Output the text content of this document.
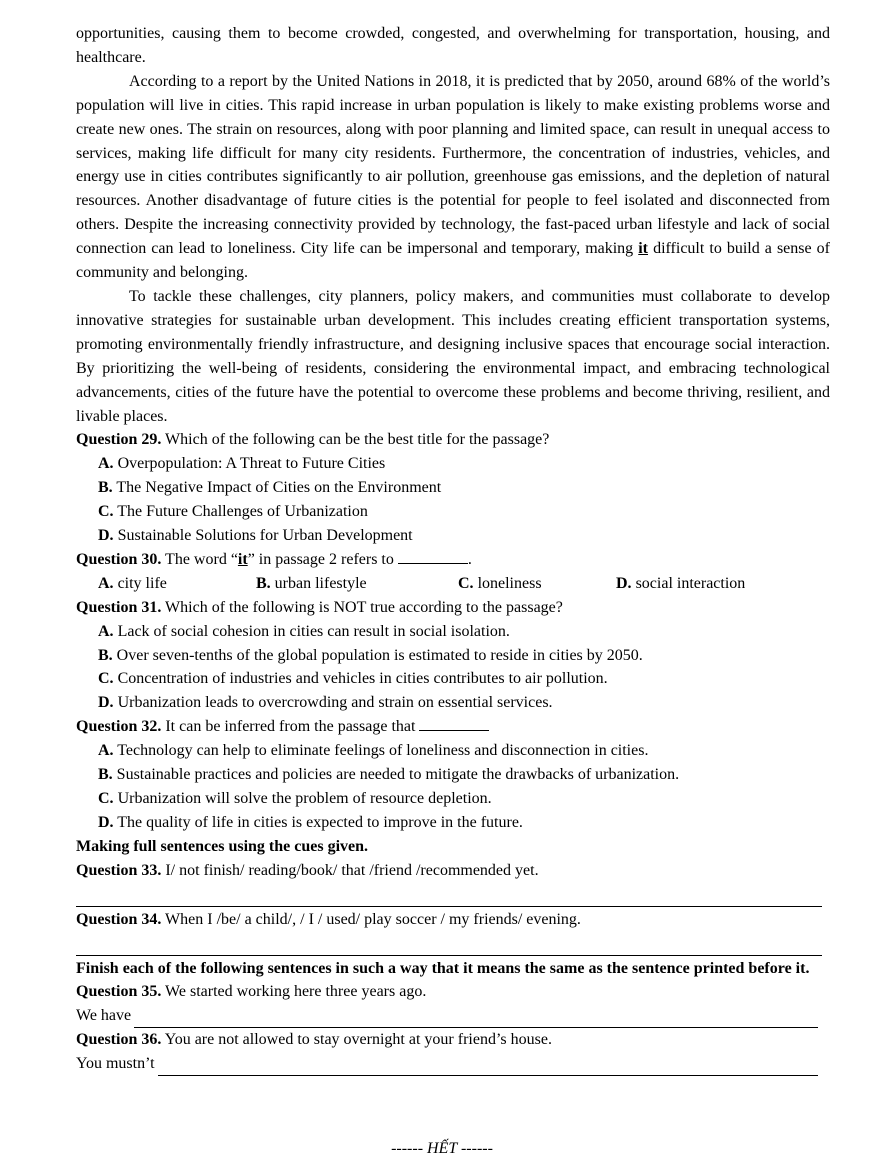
opportunities, causing them to become crowded, congested, and overwhelming for transportation, housing, and healthcare.

According to a report by the United Nations in 2018, it is predicted that by 2050, around 68% of the world’s population will live in cities. This rapid increase in urban population is likely to make existing problems worse and create new ones. The strain on resources, along with poor planning and limited space, can result in unequal access to services, making life difficult for many city residents. Furthermore, the concentration of industries, vehicles, and energy use in cities contributes significantly to air pollution, greenhouse gas emissions, and the depletion of natural resources. Another disadvantage of future cities is the potential for people to feel isolated and disconnected from others. Despite the increasing connectivity provided by technology, the fast-paced urban lifestyle and lack of social connection can lead to loneliness. City life can be impersonal and temporary, making it difficult to build a sense of community and belonging.

To tackle these challenges, city planners, policy makers, and communities must collaborate to develop innovative strategies for sustainable urban development. This includes creating efficient transportation systems, promoting environmentally friendly infrastructure, and designing inclusive spaces that encourage social interaction. By prioritizing the well-being of residents, considering the environmental impact, and embracing technological advancements, cities of the future have the potential to overcome these problems and become thriving, resilient, and livable places.

Question 29. Which of the following can be the best title for the passage?
A. Overpopulation: A Threat to Future Cities
B. The Negative Impact of Cities on the Environment
C. The Future Challenges of Urbanization
D. Sustainable Solutions for Urban Development
Question 30. The word “it” in passage 2 refers to	.
A. city life	B. urban lifestyle	C. loneliness	D. social interaction
Question 31. Which of the following is NOT true according to the passage?
A. Lack of social cohesion in cities can result in social isolation.
B. Over seven-tenths of the global population is estimated to reside in cities by 2050.
C. Concentration of industries and vehicles in cities contributes to air pollution.
D. Urbanization leads to overcrowding and strain on essential services.
Question 32. It can be inferred from the passage that
A. Technology can help to eliminate feelings of loneliness and disconnection in cities.
B. Sustainable practices and policies are needed to mitigate the drawbacks of urbanization.
C. Urbanization will solve the problem of resource depletion.
D. The quality of life in cities is expected to improve in the future.
Making full sentences using the cues given.
Question 33. I/ not finish/ reading/book/ that /friend /recommended yet.
Question 34. When I /be/ a child/, / I / used/ play soccer / my friends/ evening.

Finish each of the following sentences in such a way that it means the same as the sentence printed before it.

Question 35. We started working here three years ago.
We have
Question 36. You are not allowed to stay overnight at your friend’s house.
You mustn’t
------ HẾT ------
